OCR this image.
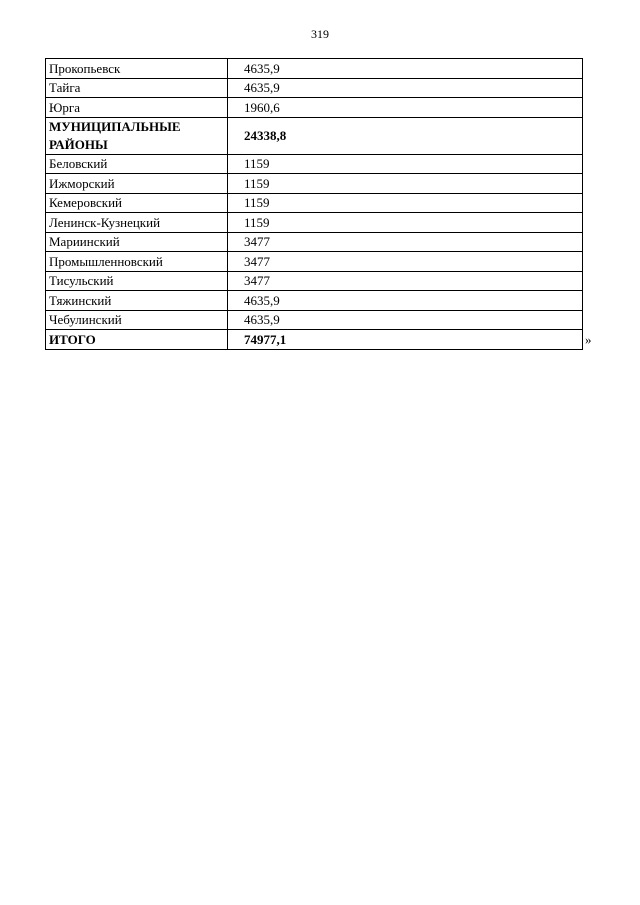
319
Прокопьевск	4635,9
Тайга	4635,9
Юрга	1960,6
МУНИЦИПАЛЬНЫЕ РАЙОНЫ	24338,8
Беловский	1159
Ижморский	1159
Кемеровский	1159
Ленинск-Кузнецкий	1159
Мариинский	3477
Промышленновский	3477
Тисульский	3477
Тяжинский	4635,9
Чебулинский	4635,9
ИТОГО	74977,1	»
